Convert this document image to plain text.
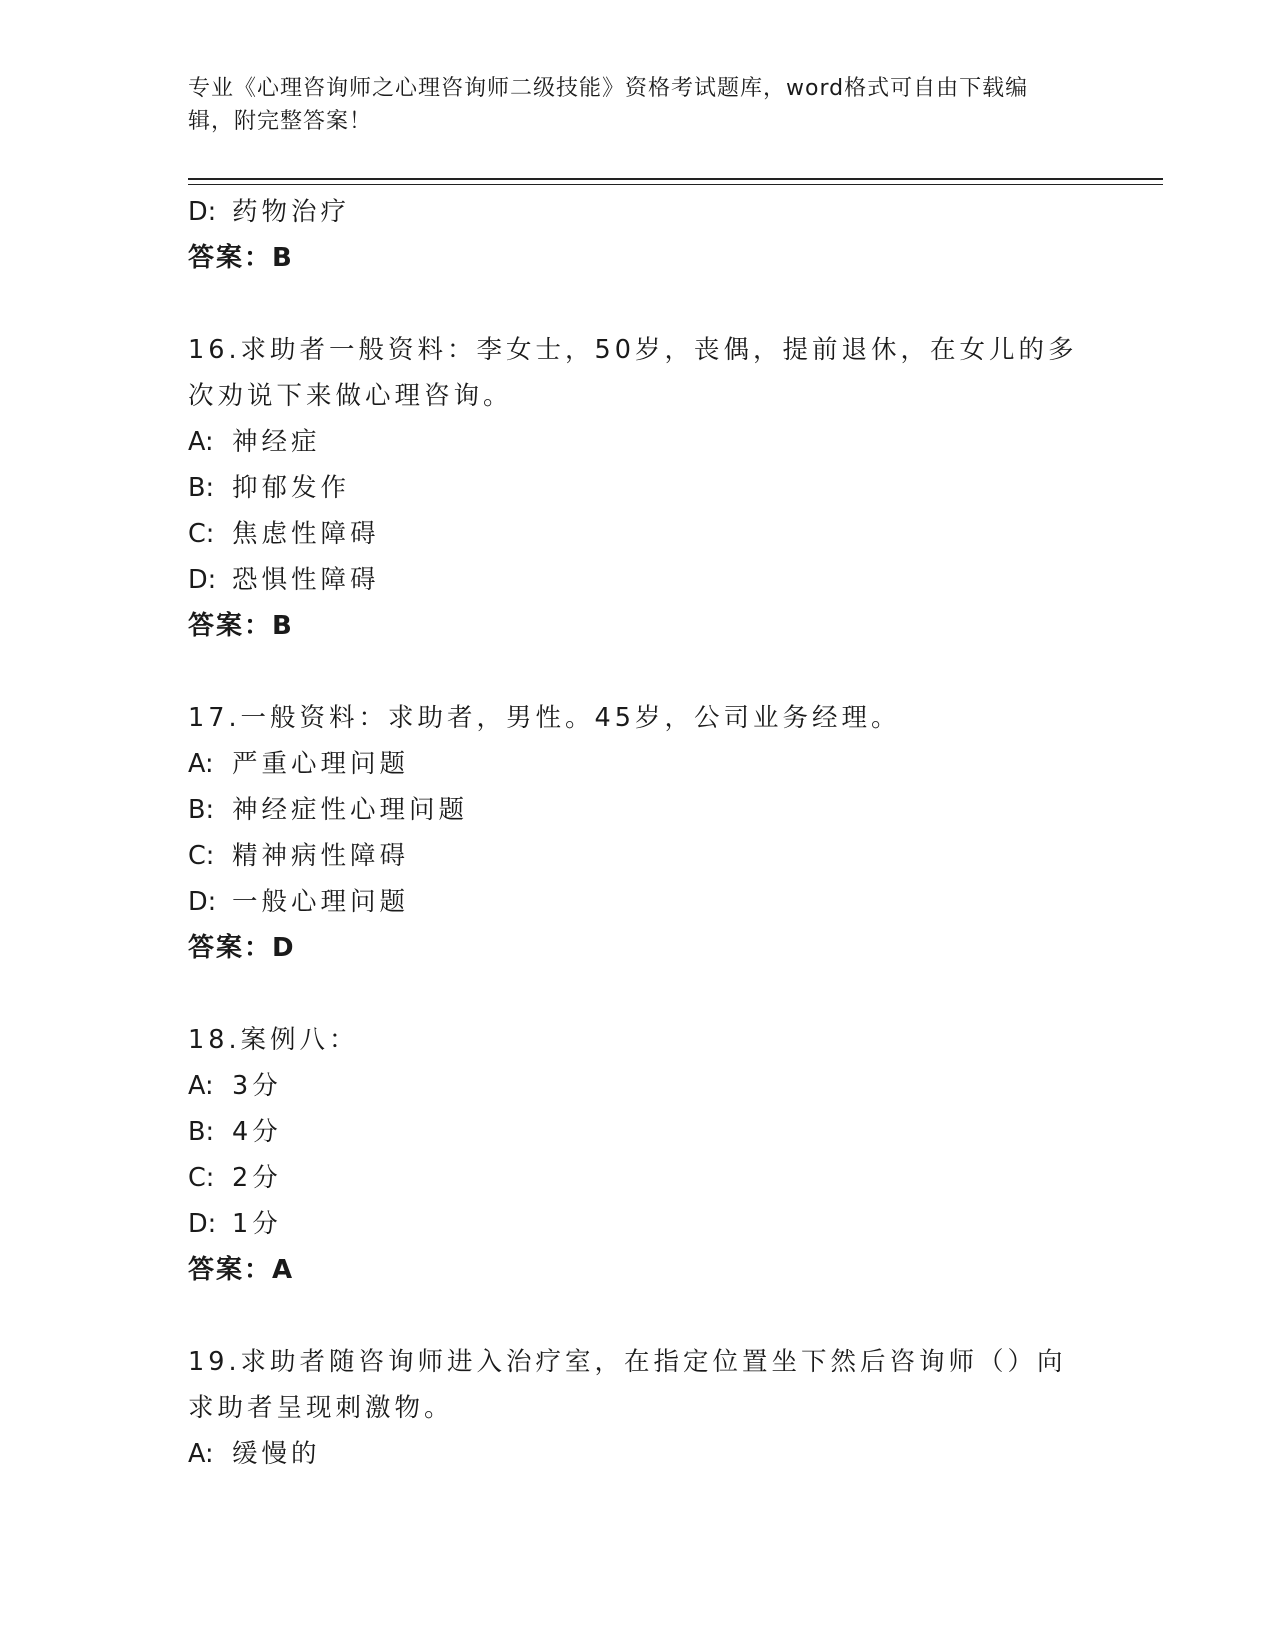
专业《心理咨询师之心理咨询师二级技能》资格考试题库，word格式可自由下载编辑，附完整答案！

D: 药物治疗

答案：B

16.求助者一般资料：李女士，50岁，丧偶，提前退休，在女儿的多次劝说下来做心理咨询。

A: 神经症

B: 抑郁发作

C: 焦虑性障碍

D: 恐惧性障碍

答案：B

17.一般资料：求助者，男性。45岁，公司业务经理。

A: 严重心理问题

B: 神经症性心理问题

C: 精神病性障碍

D: 一般心理问题

答案：D

18.案例八：

A: 3分

B: 4分

C: 2分

D: 1分

答案：A

19.求助者随咨询师进入治疗室，在指定位置坐下然后咨询师（）向求助者呈现刺激物。

A: 缓慢的
